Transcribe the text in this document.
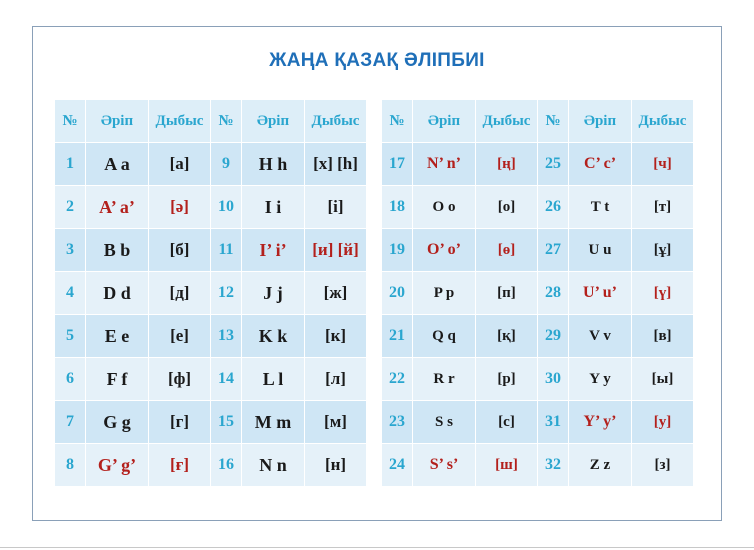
ЖАҢА ҚАЗАҚ ӘЛІПБИІ
№	Әріп	Дыбыс	№	Әріп	Дыбыс
1	A a	[а]	9	H h	[х] [h]
2	A’ a’	[ә]	10	I i	[і]
3	B b	[б]	11	I’ i’	[и] [й]
4	D d	[д]	12	J j	[ж]
5	E e	[е]	13	K k	[к]
6	F f	[ф]	14	L l	[л]
7	G g	[г]	15	M m	[м]
8	G’ g’	[ғ]	16	N n	[н]
№	Әріп	Дыбыс	№	Әріп	Дыбыс
17	N’ n’	[ң]	25	C’ c’	[ч]
18	O o	[о]	26	T t	[т]
19	O’ o’	[ө]	27	U u	[ұ]
20	P p	[п]	28	U’ u’	[ү]
21	Q q	[қ]	29	V v	[в]
22	R r	[р]	30	Y y	[ы]
23	S s	[с]	31	Y’ y’	[у]
24	S’ s’	[ш]	32	Z z	[з]
